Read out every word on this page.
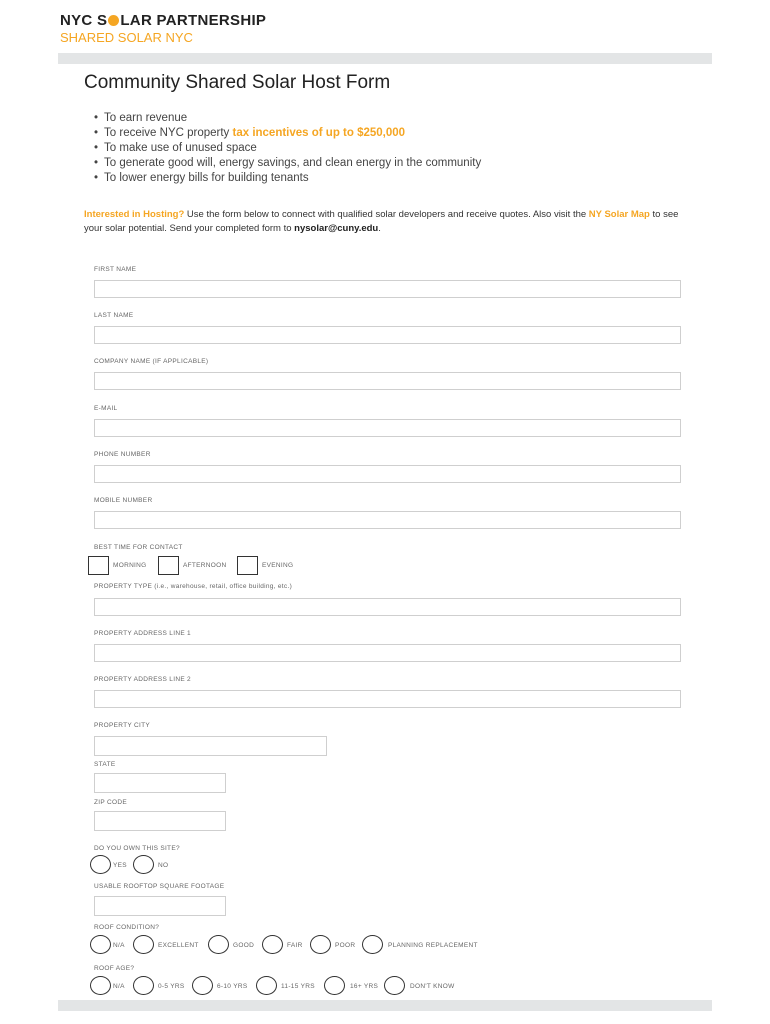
NYC S LAR PARTNERSHIP
SHARED SOLAR NYC
Community Shared Solar Host Form
• To earn revenue
• To receive NYC property tax incentives of up to $250,000
• To make use of unused space
• To generate good will, energy savings, and clean energy in the community
• To lower energy bills for building tenants
Interested in Hosting? Use the form below to connect with qualified solar developers and receive quotes. Also visit the NY Solar Map to see your solar potential. Send your completed form to nysolar@cuny.edu.
FIRST NAME
LAST NAME
COMPANY NAME (IF APPLICABLE)
E-MAIL
PHONE NUMBER
MOBILE NUMBER
BEST TIME FOR CONTACT
MORNING	AFTERNOON	EVENING
PROPERTY TYPE (i.e., warehouse, retail, office building, etc.)
PROPERTY ADDRESS LINE 1
PROPERTY ADDRESS LINE 2
PROPERTY CITY
STATE
ZIP CODE
DO YOU OWN THIS SITE?
YES	NO
USABLE ROOFTOP SQUARE FOOTAGE
ROOF CONDITION?
N/A	EXCELLENT	GOOD	FAIR	POOR	PLANNING REPLACEMENT
ROOF AGE?
N/A	0-5 YRS	6-10 YRS	11-15 YRS	16+ YRS	DON'T KNOW
